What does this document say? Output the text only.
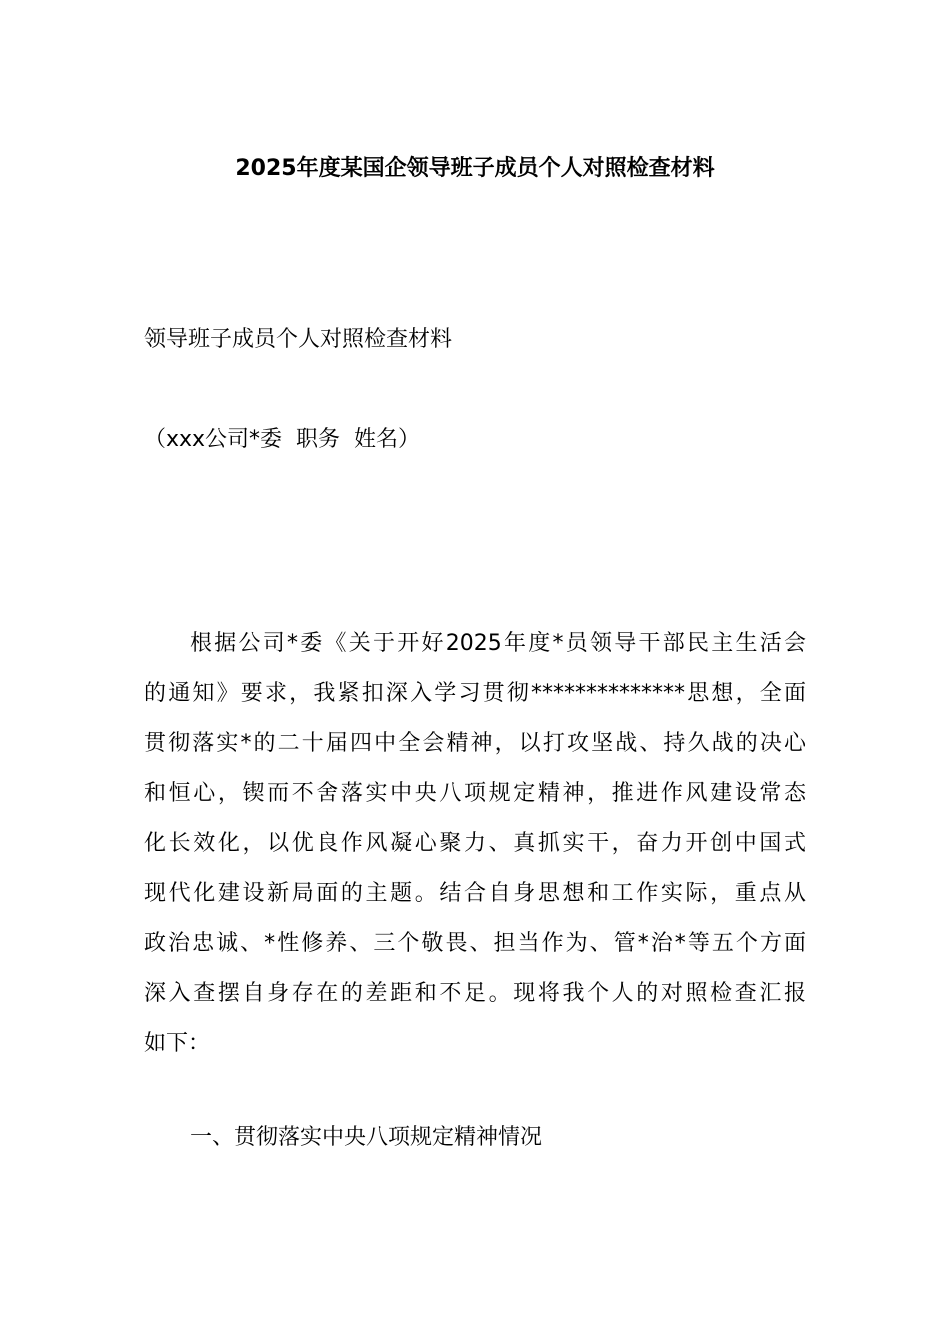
2025年度某国企领导班子成员个人对照检查材料

领导班子成员个人对照检查材料

（xxx公司*委  职务  姓名）

根据公司*委《关于开好2025年度*员领导干部民主生活会
的通知》要求，我紧扣深入学习贯彻**************思想，全面
贯彻落实*的二十届四中全会精神，以打攻坚战、持久战的决心
和恒心，锲而不舍落实中央八项规定精神，推进作风建设常态
化长效化，以优良作风凝心聚力、真抓实干，奋力开创中国式
现代化建设新局面的主题。结合自身思想和工作实际，重点从
政治忠诚、*性修养、三个敬畏、担当作为、管*治*等五个方面
深入查摆自身存在的差距和不足。现将我个人的对照检查汇报
如下：

一、贯彻落实中央八项规定精神情况
